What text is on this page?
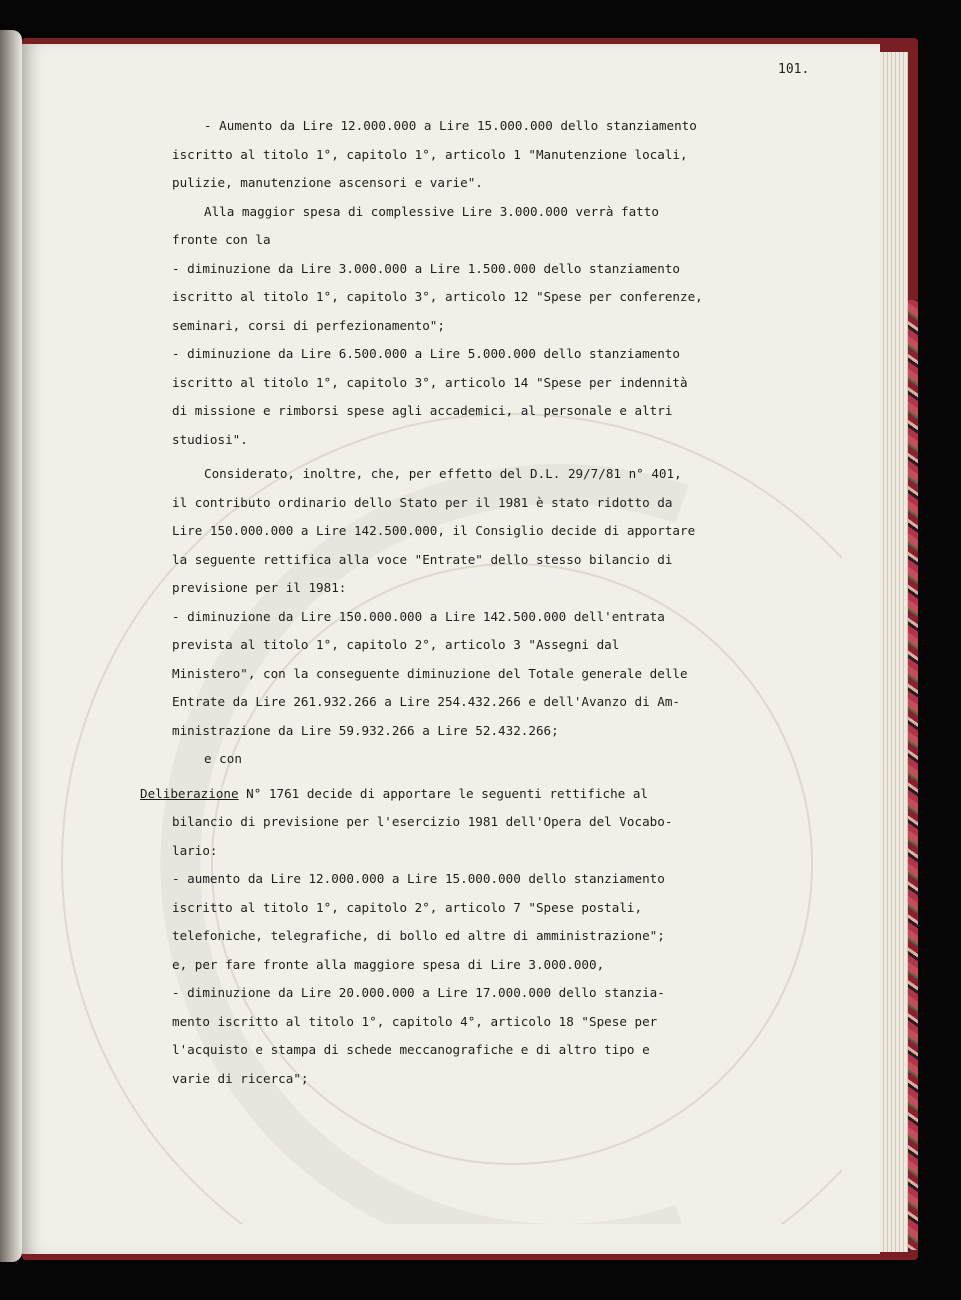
101.
- Aumento da Lire 12.000.000 a Lire 15.000.000 dello stanziamento
iscritto al titolo 1°, capitolo 1°, articolo 1 "Manutenzione locali,
pulizie, manutenzione ascensori e varie".
Alla maggior spesa di complessive Lire 3.000.000 verrà fatto
fronte con la
- diminuzione da Lire 3.000.000 a Lire 1.500.000 dello stanziamento
iscritto al titolo 1°, capitolo 3°, articolo 12 "Spese per conferenze,
seminari, corsi di perfezionamento";
- diminuzione da Lire 6.500.000 a Lire 5.000.000 dello stanziamento
iscritto al titolo 1°, capitolo 3°, articolo 14 "Spese per indennità
di missione e rimborsi spese agli accademici, al personale e altri
studiosi".
Considerato, inoltre, che, per effetto del D.L. 29/7/81 n° 401,
il contributo ordinario dello Stato per il 1981 è stato ridotto da
Lire 150.000.000 a Lire 142.500.000, il Consiglio decide di apportare
la seguente rettifica alla voce "Entrate" dello stesso bilancio di
previsione per il 1981:
- diminuzione da Lire 150.000.000 a Lire 142.500.000 dell'entrata
prevista al titolo 1°, capitolo 2°, articolo 3 "Assegni dal
Ministero", con la conseguente diminuzione del Totale generale delle
Entrate da Lire 261.932.266 a Lire 254.432.266 e dell'Avanzo di Am-
ministrazione da Lire 59.932.266 a Lire 52.432.266;
e con
Deliberazione N° 1761 decide di apportare le seguenti rettifiche al
bilancio di previsione per l'esercizio 1981 dell'Opera del Vocabo-
lario:
- aumento da Lire 12.000.000 a Lire 15.000.000 dello stanziamento
iscritto al titolo 1°, capitolo 2°, articolo 7 "Spese postali,
telefoniche, telegrafiche, di bollo ed altre di amministrazione";
e, per fare fronte alla maggiore spesa di Lire 3.000.000,
- diminuzione da Lire 20.000.000 a Lire 17.000.000 dello stanzia-
mento iscritto al titolo 1°, capitolo 4°, articolo 18 "Spese per
l'acquisto e stampa di schede meccanografiche e di altro tipo e
varie di ricerca";
